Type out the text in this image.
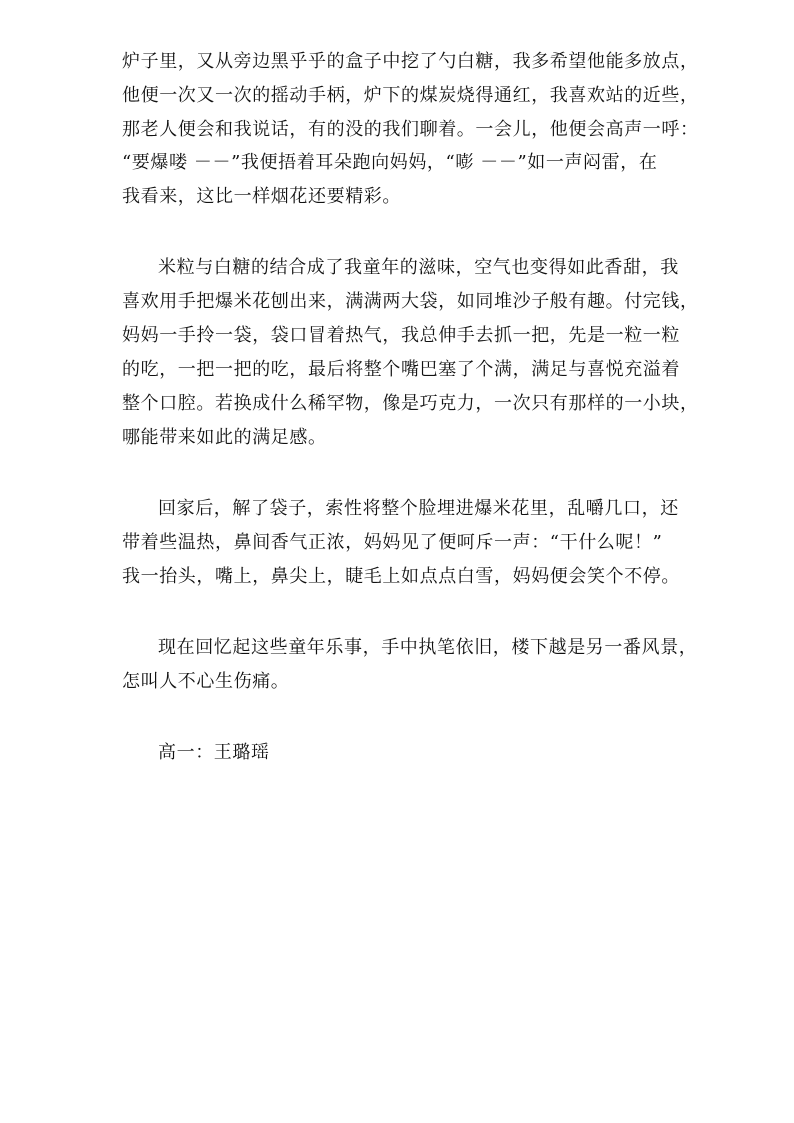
炉子里，又从旁边黑乎乎的盒子中挖了勺白糖，我多希望他能多放点，
他便一次又一次的摇动手柄，炉下的煤炭烧得通红，我喜欢站的近些，
那老人便会和我说话，有的没的我们聊着。一会儿，他便会高声一呼：
“要爆喽 －－”我便捂着耳朵跑向妈妈，“嘭 －－”如一声闷雷，在
我看来，这比一样烟花还要精彩。
米粒与白糖的结合成了我童年的滋味，空气也变得如此香甜，我
喜欢用手把爆米花刨出来，满满两大袋，如同堆沙子般有趣。付完钱，
妈妈一手拎一袋，袋口冒着热气，我总伸手去抓一把，先是一粒一粒
的吃，一把一把的吃，最后将整个嘴巴塞了个满，满足与喜悦充溢着
整个口腔。若换成什么稀罕物，像是巧克力，一次只有那样的一小块，
哪能带来如此的满足感。
回家后，解了袋子，索性将整个脸埋进爆米花里，乱嚼几口，还
带着些温热，鼻间香气正浓，妈妈见了便呵斥一声：“干什么呢！”
我一抬头，嘴上，鼻尖上，睫毛上如点点白雪，妈妈便会笑个不停。
现在回忆起这些童年乐事，手中执笔依旧，楼下越是另一番风景，
怎叫人不心生伤痛。
高一：王璐瑶
